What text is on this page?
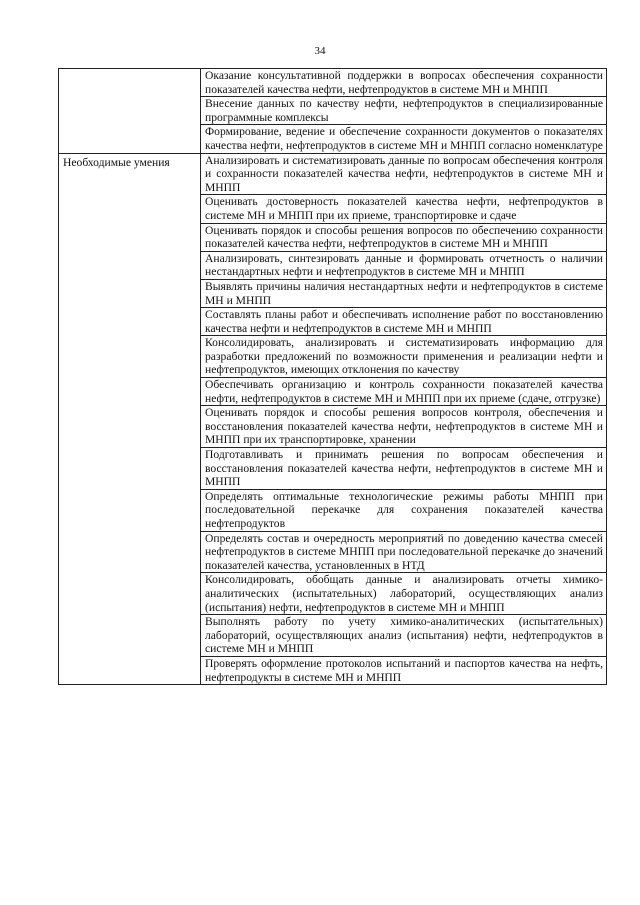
34
	Оказание консультативной поддержки в вопросах обеспечения сохранности показателей качества нефти, нефтепродуктов в системе МН и МНПП
	Внесение данных по качеству нефти, нефтепродуктов в специализированные программные комплексы
	Формирование, ведение и обеспечение сохранности документов о показателях качества нефти, нефтепродуктов в системе МН и МНПП согласно номенклатуре
Необходимые умения	Анализировать и систематизировать данные по вопросам обеспечения контроля и сохранности показателей качества нефти, нефтепродуктов в системе МН и МНПП
	Оценивать достоверность показателей качества нефти, нефтепродуктов в системе МН и МНПП при их приеме, транспортировке и сдаче
	Оценивать порядок и способы решения вопросов по обеспечению сохранности показателей качества нефти, нефтепродуктов в системе МН и МНПП
	Анализировать, синтезировать данные и формировать отчетность о наличии нестандартных нефти и нефтепродуктов в системе МН и МНПП
	Выявлять причины наличия нестандартных нефти и нефтепродуктов в системе МН и МНПП
	Составлять планы работ и обеспечивать исполнение работ по восстановлению качества нефти и нефтепродуктов в системе МН и МНПП
	Консолидировать, анализировать и систематизировать информацию для разработки предложений по возможности применения и реализации нефти и нефтепродуктов, имеющих отклонения по качеству
	Обеспечивать организацию и контроль сохранности показателей качества нефти, нефтепродуктов в системе МН и МНПП при их приеме (сдаче, отгрузке)
	Оценивать порядок и способы решения вопросов контроля, обеспечения и восстановления показателей качества нефти, нефтепродуктов в системе МН и МНПП при их транспортировке, хранении
	Подготавливать и принимать решения по вопросам обеспечения и восстановления показателей качества нефти, нефтепродуктов в системе МН и МНПП
	Определять оптимальные технологические режимы работы МНПП при последовательной перекачке для сохранения показателей качества нефтепродуктов
	Определять состав и очередность мероприятий по доведению качества смесей нефтепродуктов в системе МНПП при последовательной перекачке до значений показателей качества, установленных в НТД
	Консолидировать, обобщать данные и анализировать отчеты химико-аналитических (испытательных) лабораторий, осуществляющих анализ (испытания) нефти, нефтепродуктов в системе МН и МНПП
	Выполнять работу по учету химико-аналитических (испытательных) лабораторий, осуществляющих анализ (испытания) нефти, нефтепродуктов в системе МН и МНПП
	Проверять оформление протоколов испытаний и паспортов качества на нефть, нефтепродукты в системе МН и МНПП
